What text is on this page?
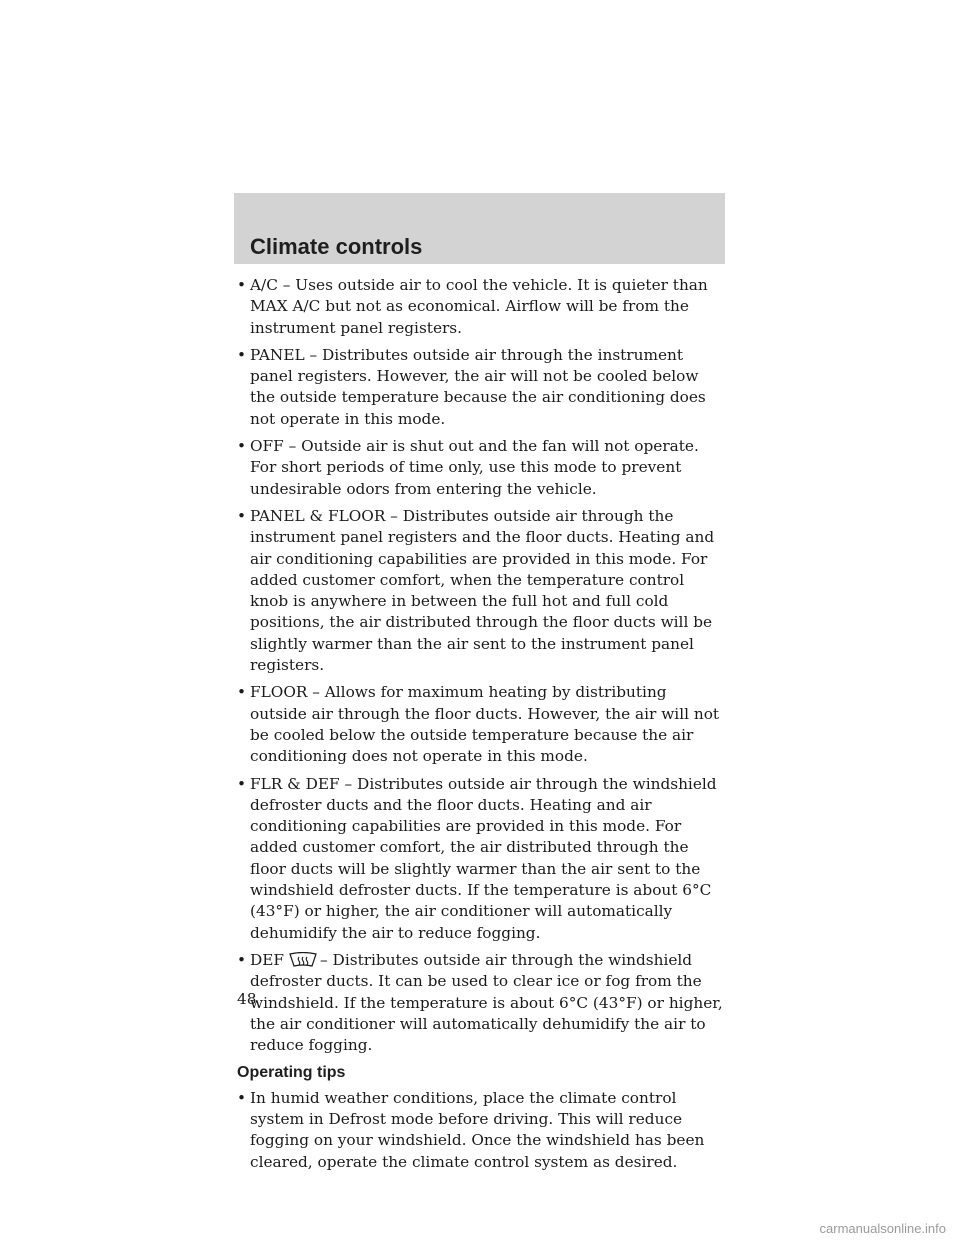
Climate controls
• A/C – Uses outside air to cool the vehicle. It is quieter than MAX A/C but not as economical. Airflow will be from the instrument panel registers.
• PANEL – Distributes outside air through the instrument panel registers. However, the air will not be cooled below the outside temperature because the air conditioning does not operate in this mode.
• OFF – Outside air is shut out and the fan will not operate. For short periods of time only, use this mode to prevent undesirable odors from entering the vehicle.
• PANEL & FLOOR – Distributes outside air through the instrument panel registers and the floor ducts. Heating and air conditioning capabilities are provided in this mode. For added customer comfort, when the temperature control knob is anywhere in between the full hot and full cold positions, the air distributed through the floor ducts will be slightly warmer than the air sent to the instrument panel registers.
• FLOOR – Allows for maximum heating by distributing outside air through the floor ducts. However, the air will not be cooled below the outside temperature because the air conditioning does not operate in this mode.
• FLR & DEF – Distributes outside air through the windshield defroster ducts and the floor ducts. Heating and air conditioning capabilities are provided in this mode. For added customer comfort, the air distributed through the floor ducts will be slightly warmer than the air sent to the windshield defroster ducts. If the temperature is about 6°C (43°F) or higher, the air conditioner will automatically dehumidify the air to reduce fogging.
• DEF – Distributes outside air through the windshield defroster ducts. It can be used to clear ice or fog from the windshield. If the temperature is about 6°C (43°F) or higher, the air conditioner will automatically dehumidify the air to reduce fogging.
Operating tips
• In humid weather conditions, place the climate control system in Defrost mode before driving. This will reduce fogging on your windshield. Once the windshield has been cleared, operate the climate control system as desired.
48
carmanualsonline.info
